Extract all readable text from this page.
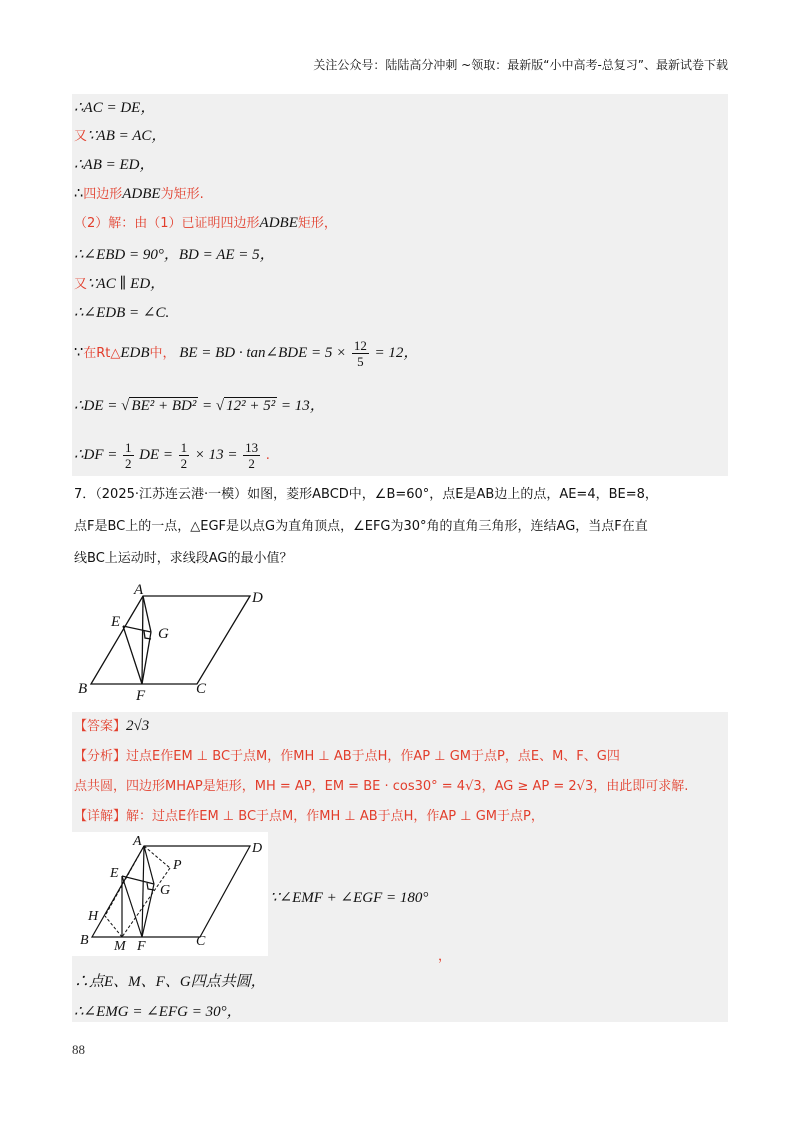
关注公众号：陆陆高分冲刺 ~领取：最新版“小中高考-总复习”、最新试卷下载
∴AC = DE，
又∵AB = AC，
∴AB = ED，
∴四边形ADBE为矩形.
（2）解：由（1）已证明四边形ADBE矩形，
∴∠EBD = 90°，BD = AE = 5，
又∵AC ∥ ED，
∴∠EDB = ∠C.
∵在Rt△EDB中， BE = BD · tan∠BDE = $5 \times \frac{12}{5} = 12$，
∴DE = √ BE² + BD² = √ 12² + 5² = 13，
∴DF = $\frac{1}{2}$ DE = $\frac{1}{2} \times 13 = \frac{13}{2}$ .
7．（2025·江苏连云港·一模）如图，菱形ABCD中，∠B=60°，点E是AB边上的点，AE=4，BE=8，
点F是BC上的一点，△EGF是以点G为直角顶点，∠EFG为30°角的直角三角形，连结AG，当点F在直
线BC上运动时，求线段AG的最小值？
A	D
E
G
B	F	C
【答案】2√3
【分析】过点E作EM ⊥ BC于点M，作MH ⊥ AB于点H，作AP ⊥ GM于点P，点E、M、F、G四
点共圆，四边形MHAP是矩形，MH = AP，EM = BE · cos30° = 4√3，AG ≥ AP = 2√3，由此即可求解.
【详解】解：过点E作EM ⊥ BC于点M，作MH ⊥ AB于点H，作AP ⊥ GM于点P，
A	D
E
P
G
H
B M F	C
∵∠EMF + ∠EGF = 180°
，
∴点E、M、F、G四点共圆，
∴∠EMG = ∠EFG = 30°，
88
